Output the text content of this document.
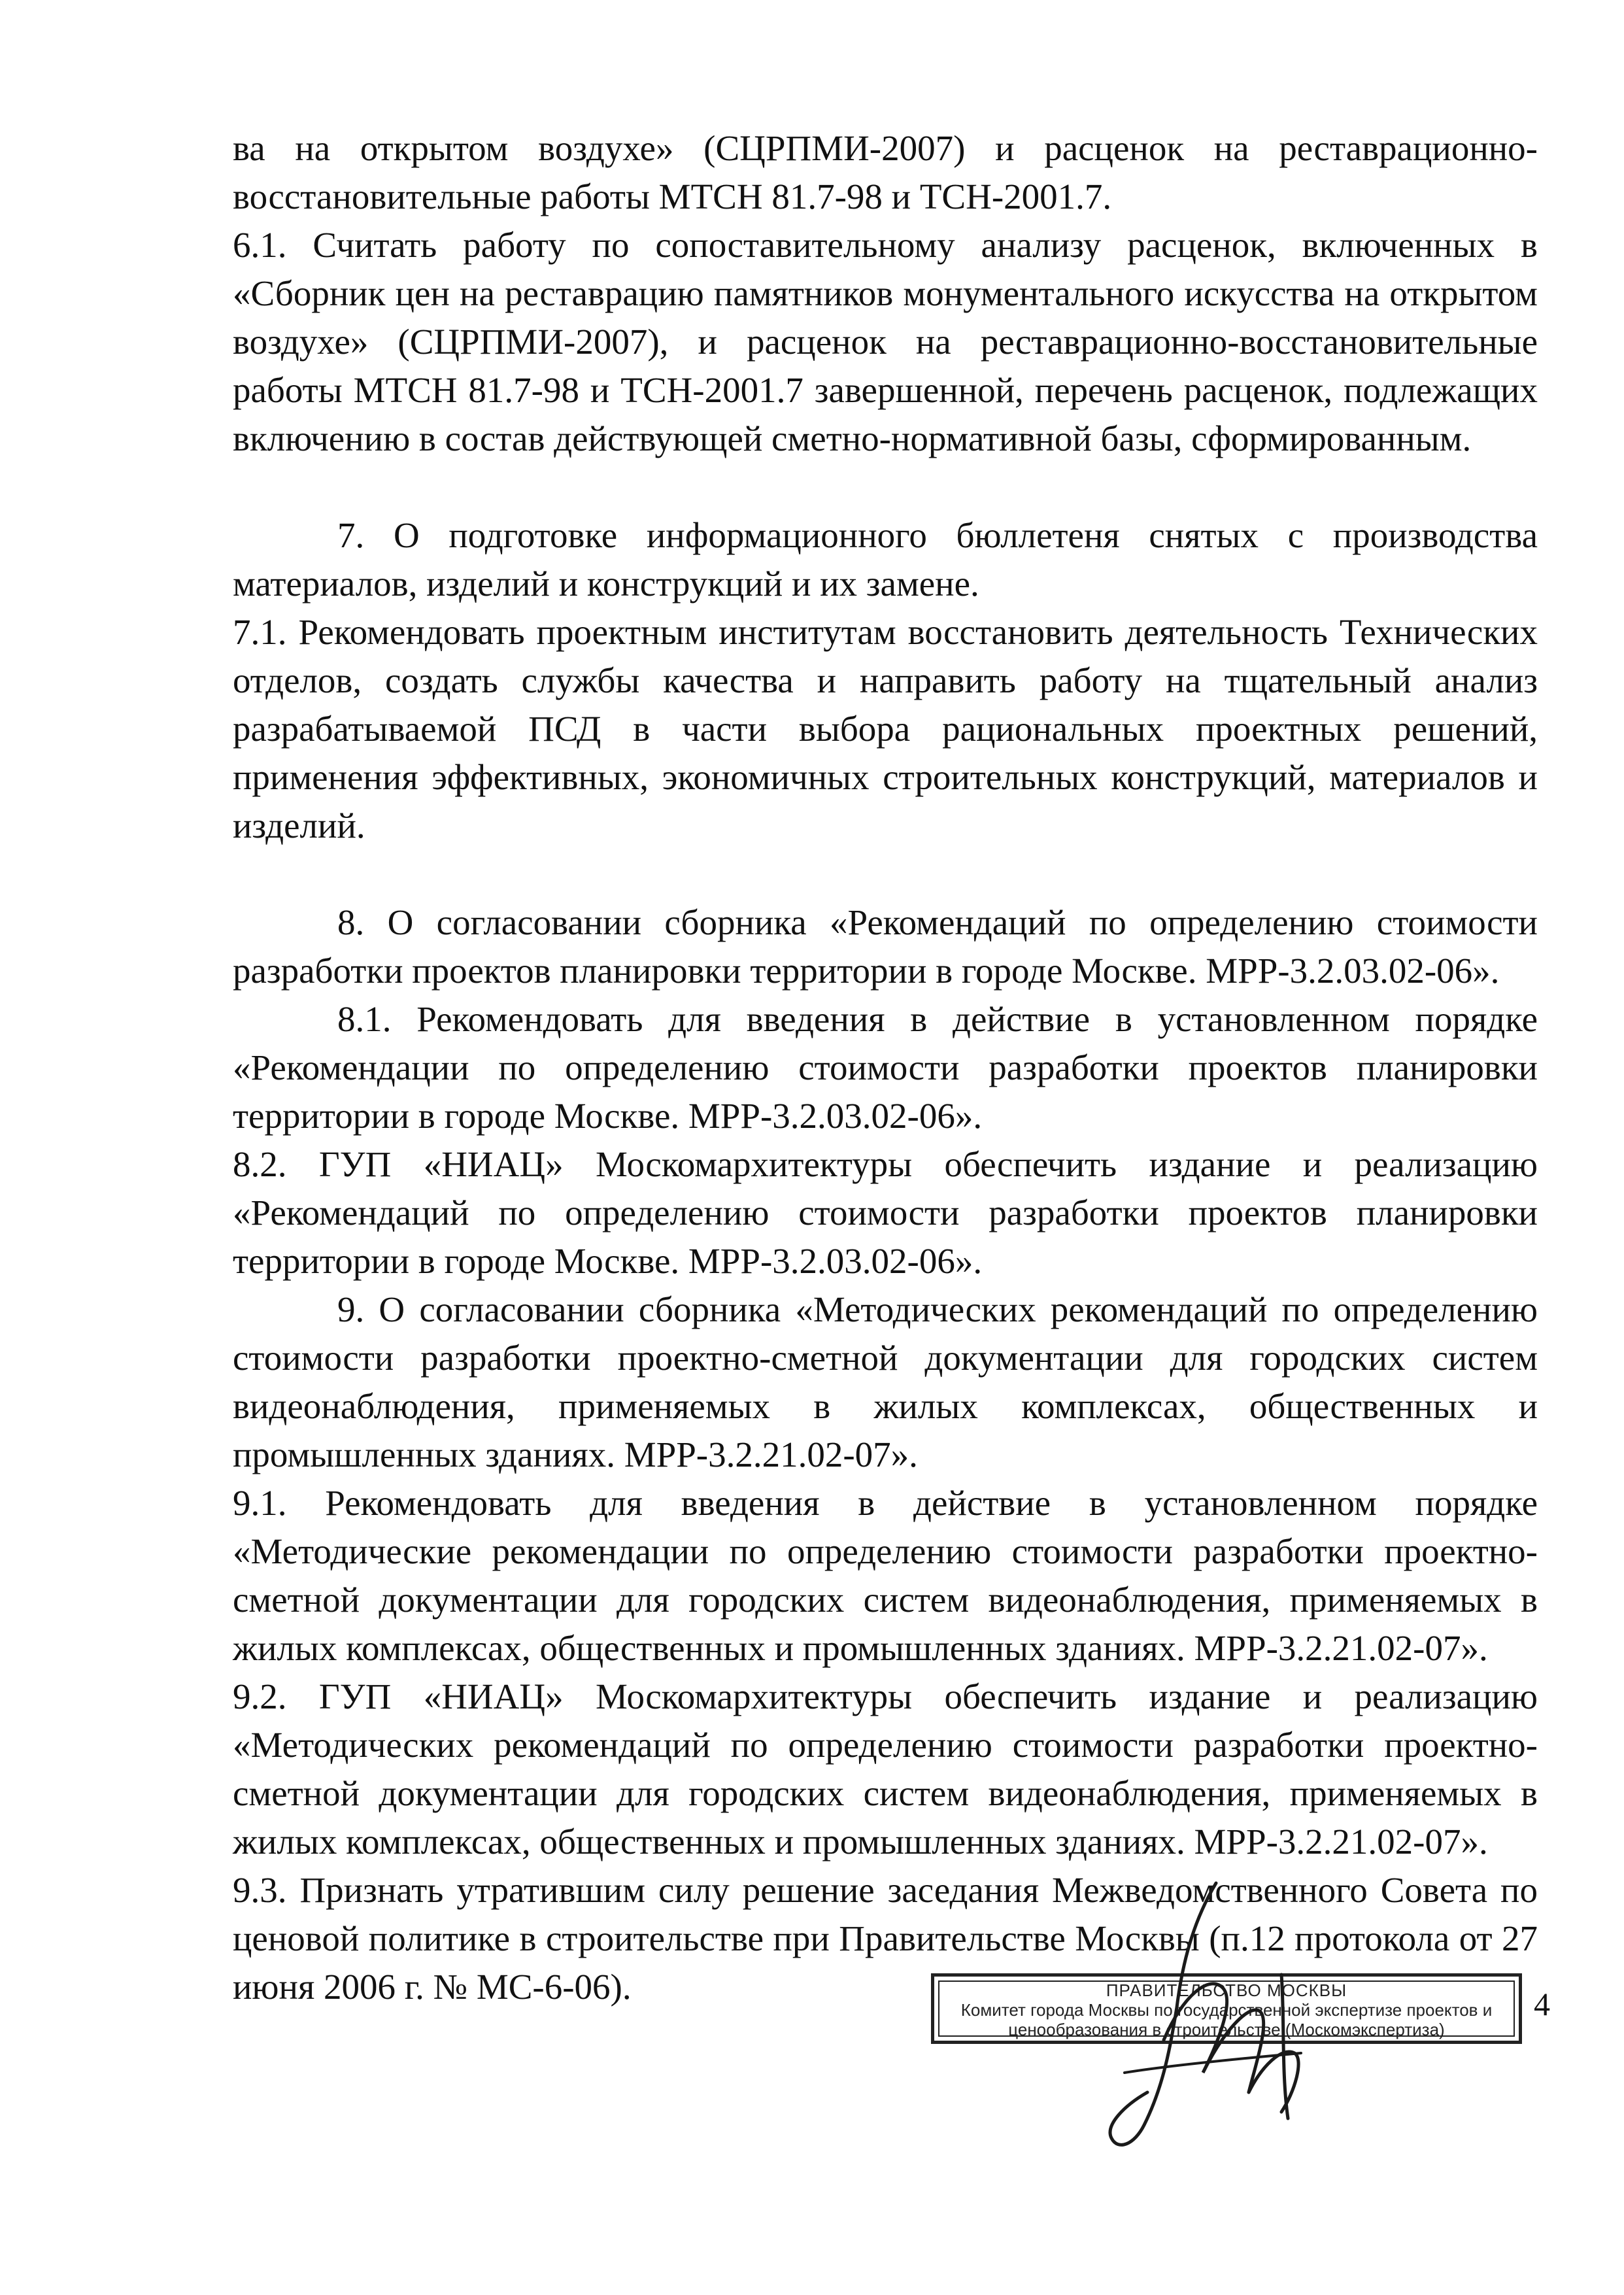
ва на открытом воздухе» (СЦРПМИ-2007) и расценок на реставрационно-восстановительные работы МТСН 81.7-98 и ТСН-2001.7.

6.1. Считать работу по сопоставительному анализу расценок, включенных в «Сборник цен на реставрацию памятников монументального искусства на открытом воздухе» (СЦРПМИ-2007), и расценок на реставрационно-восстановительные работы МТСН 81.7-98 и ТСН-2001.7 завершенной, перечень расценок, подлежащих включению в состав действующей сметно-нормативной базы, сформированным.

7. О подготовке информационного бюллетеня снятых с производства материалов, изделий и конструкций и их замене.

7.1. Рекомендовать проектным институтам восстановить деятельность Технических отделов, создать службы качества и направить работу на тщательный анализ разрабатываемой ПСД в части выбора рациональных проектных решений, применения эффективных, экономичных строительных конструкций, материалов и изделий.

8. О согласовании сборника «Рекомендаций по определению стоимости разработки проектов планировки территории в городе Москве. МРР-3.2.03.02-06».

8.1. Рекомендовать для введения в действие в установленном порядке «Рекомендации по определению стоимости разработки проектов планировки территории в городе Москве. МРР-3.2.03.02-06».

8.2. ГУП «НИАЦ» Москомархитектуры обеспечить издание и реализацию «Рекомендаций по определению стоимости разработки проектов планировки территории в городе Москве. МРР-3.2.03.02-06».

9. О согласовании сборника «Методических рекомендаций по определению стоимости разработки проектно-сметной документации для городских систем видеонаблюдения, применяемых в жилых комплексах, общественных и промышленных зданиях. МРР-3.2.21.02-07».

9.1. Рекомендовать для введения в действие в установленном порядке «Методические рекомендации по определению стоимости разработки проектно-сметной документации для городских систем видеонаблюдения, применяемых в жилых комплексах, общественных и промышленных зданиях. МРР-3.2.21.02-07».

9.2. ГУП «НИАЦ» Москомархитектуры обеспечить издание и реализацию «Методических рекомендаций по определению стоимости разработки проектно-сметной документации для городских систем видеонаблюдения, применяемых в жилых комплексах, общественных и промышленных зданиях. МРР-3.2.21.02-07».

9.3. Признать утратившим силу решение заседания Межведомственного Совета по ценовой политике в строительстве при Правительстве Москвы (п.12 протокола от 27 июня 2006 г. № МС-6-06).	ПРАВИТЕЛЬСТВО МОСКВЫ
Комитет города Москвы по государственной экспертизе проектов и
ценообразования в строительстве (Москомэкспертиза)
4
